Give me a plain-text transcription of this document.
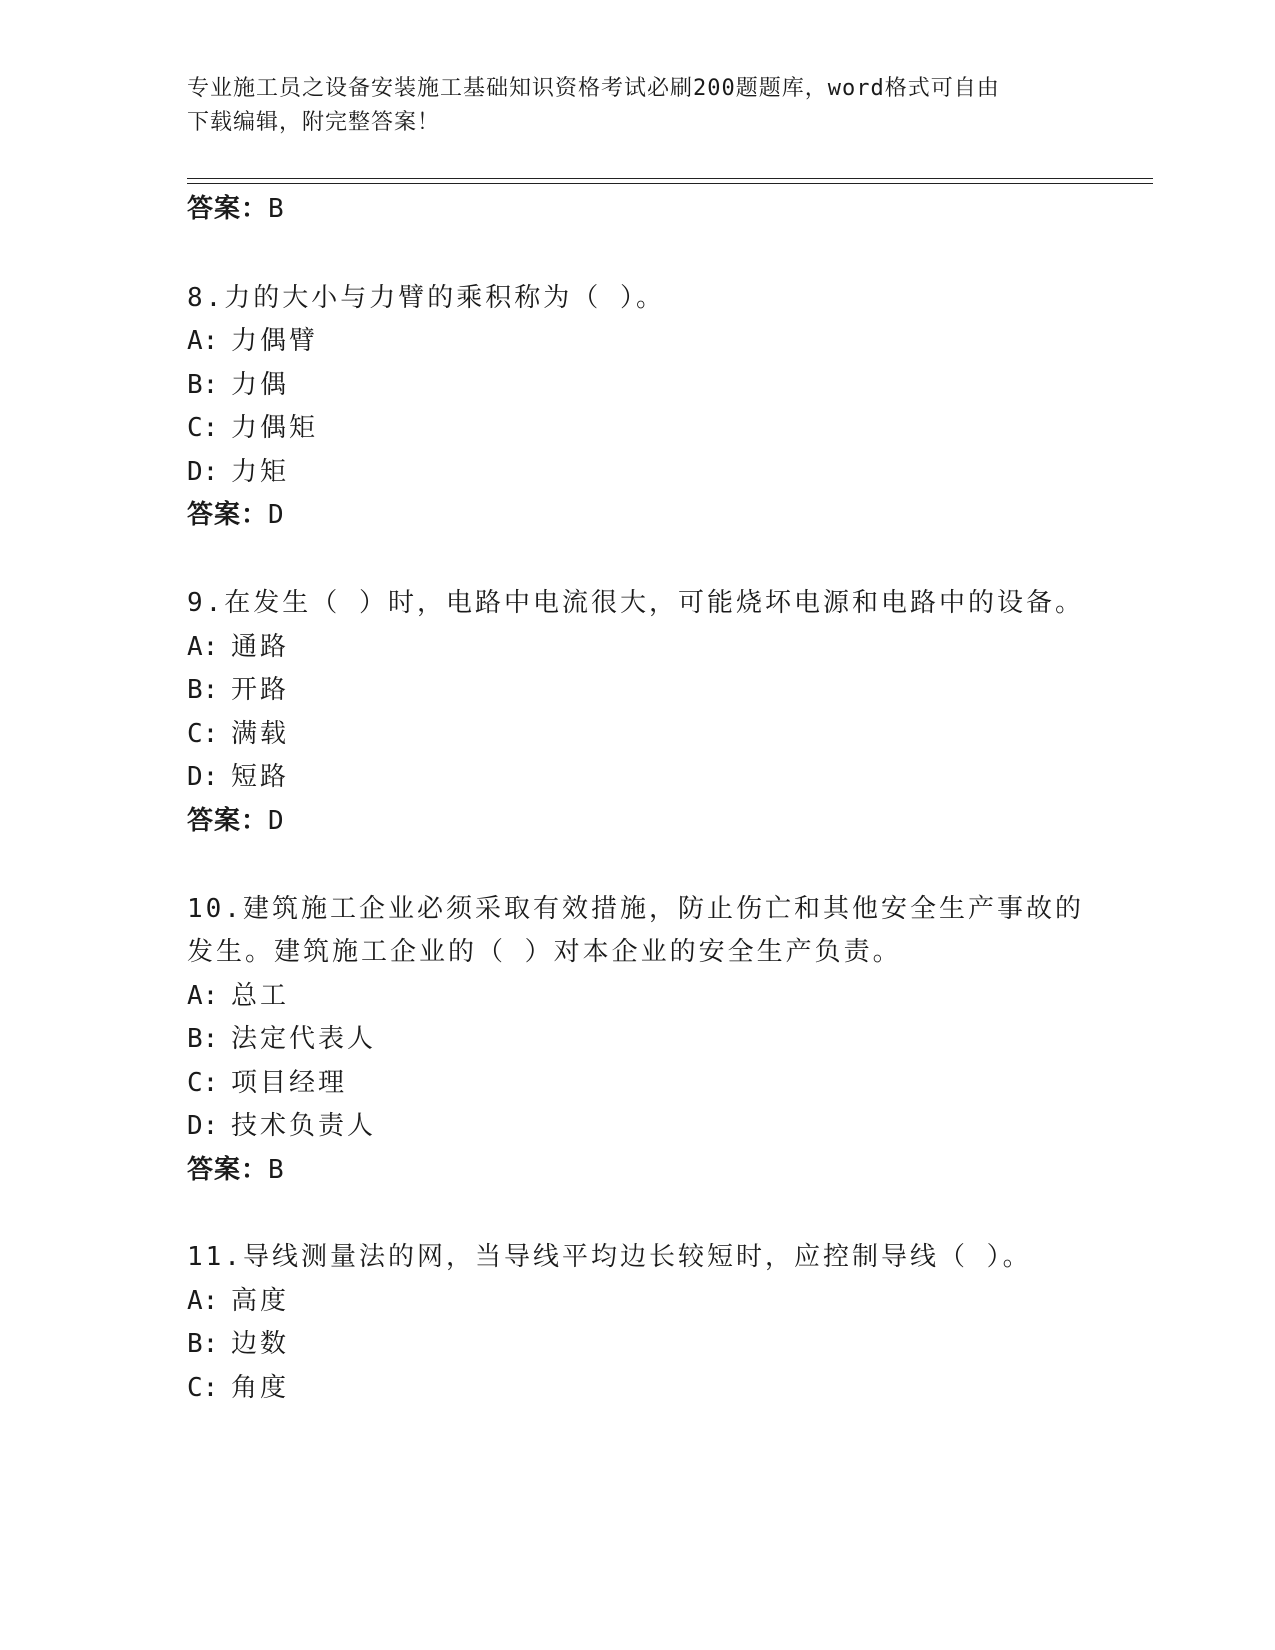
专业施工员之设备安装施工基础知识资格考试必刷200题题库，word格式可自由
下载编辑，附完整答案！
答案：B
8.力的大小与力臂的乘积称为（ ）。
A: 力偶臂
B: 力偶
C: 力偶矩
D: 力矩
答案：D
9.在发生（ ）时，电路中电流很大，可能烧坏电源和电路中的设备。
A: 通路
B: 开路
C: 满载
D: 短路
答案：D
10.建筑施工企业必须采取有效措施，防止伤亡和其他安全生产事故的
发生。建筑施工企业的（ ）对本企业的安全生产负责。
A: 总工
B: 法定代表人
C: 项目经理
D: 技术负责人
答案：B
11.导线测量法的网，当导线平均边长较短时，应控制导线（ ）。
A: 高度
B: 边数
C: 角度
